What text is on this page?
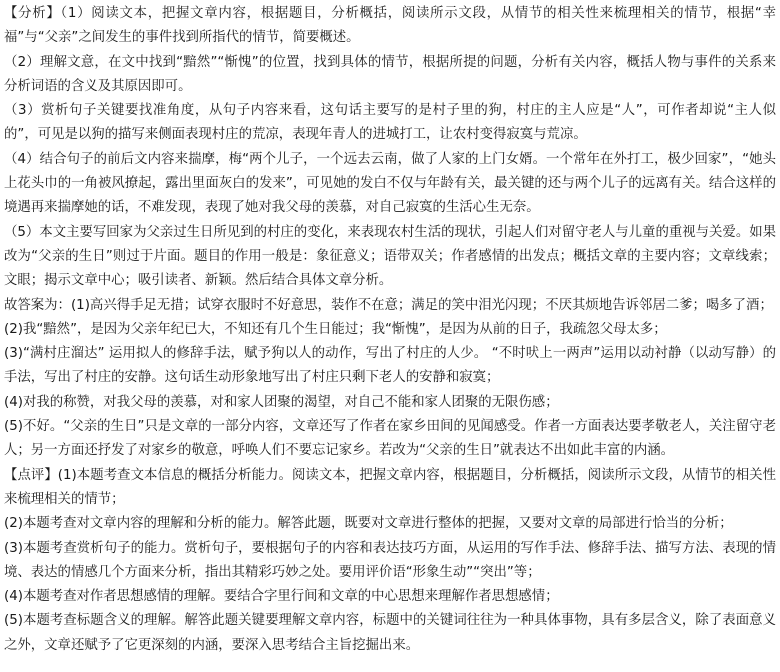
【分析】（1）阅读文本，把握文章内容，根据题目，分析概括，阅读所示文段，从情节的相关性来梳理相关的情节，根据“幸福”与“父亲”之间发生的事件找到所指代的情节，简要概述。

（2）理解文意，在文中找到“黯然”“惭愧”的位置，找到具体的情节，根据所提的问题，分析有关内容，概括人物与事件的关系来分析词语的含义及其原因即可。

（3）赏析句子关键要找准角度，从句子内容来看，这句话主要写的是村子里的狗，村庄的主人应是“人”，可作者却说“主人似的”，可见是以狗的描写来侧面表现村庄的荒凉，表现年青人的进城打工，让农村变得寂寞与荒凉。

（4）结合句子的前后文内容来揣摩，梅“两个儿子，一个远去云南，做了人家的上门女婿。一个常年在外打工，极少回家”，“她头上花头巾的一角被风撩起，露出里面灰白的发来”，可见她的发白不仅与年龄有关，最关键的还与两个儿子的远离有关。结合这样的境遇再来揣摩她的话，不难发现，表现了她对我父母的羡慕，对自己寂寞的生活心生无奈。

（5）本文主要写回家为父亲过生日所见到的村庄的变化，来表现农村生活的现状，引起人们对留守老人与儿童的重视与关爱。如果改为“父亲的生日”则过于片面。题目的作用一般是：象征意义；语带双关；作者感情的出发点；概括文章的主要内容；文章线索；文眼；揭示文章中心；吸引读者、新颖。然后结合具体文章分析。

故答案为：(1)高兴得手足无措；试穿衣服时不好意思，装作不在意；满足的笑中泪光闪现；不厌其烦地告诉邻居二爹；喝多了酒；

(2)我“黯然”，是因为父亲年纪已大，不知还有几个生日能过；我“惭愧”，是因为从前的日子，我疏忽父母太多；

(3)“满村庄溜达” 运用拟人的修辞手法，赋予狗以人的动作，写出了村庄的人少。 “不时吠上一两声”运用以动衬静（以动写静）的手法，写出了村庄的安静。这句话生动形象地写出了村庄只剩下老人的安静和寂寞；

(4)对我的称赞，对我父母的羡慕，对和家人团聚的渴望，对自己不能和家人团聚的无限伤感；

(5)不好。“父亲的生日”只是文章的一部分内容，文章还写了作者在家乡田间的见闻感受。作者一方面表达要孝敬老人，关注留守老人；另一方面还抒发了对家乡的敬意，呼唤人们不要忘记家乡。若改为“父亲的生日”就表达不出如此丰富的内涵。

【点评】(1)本题考查文本信息的概括分析能力。阅读文本，把握文章内容，根据题目，分析概括，阅读所示文段，从情节的相关性来梳理相关的情节；

(2)本题考查对文章内容的理解和分析的能力。解答此题，既要对文章进行整体的把握，又要对文章的局部进行恰当的分析；

(3)本题考查赏析句子的能力。赏析句子，要根据句子的内容和表达技巧方面，从运用的写作手法、修辞手法、描写方法、表现的情境、表达的情感几个方面来分析，指出其精彩巧妙之处。要用评价语“形象生动”“突出”等；

(4)本题考查对作者思想感情的理解。要结合字里行间和文章的中心思想来理解作者思想感情；

(5)本题考查标题含义的理解。解答此题关键要理解文章内容，标题中的关键词往往为一种具体事物，具有多层含义，除了表面意义之外，文章还赋予了它更深刻的内涵，要深入思考结合主旨挖掘出来。
